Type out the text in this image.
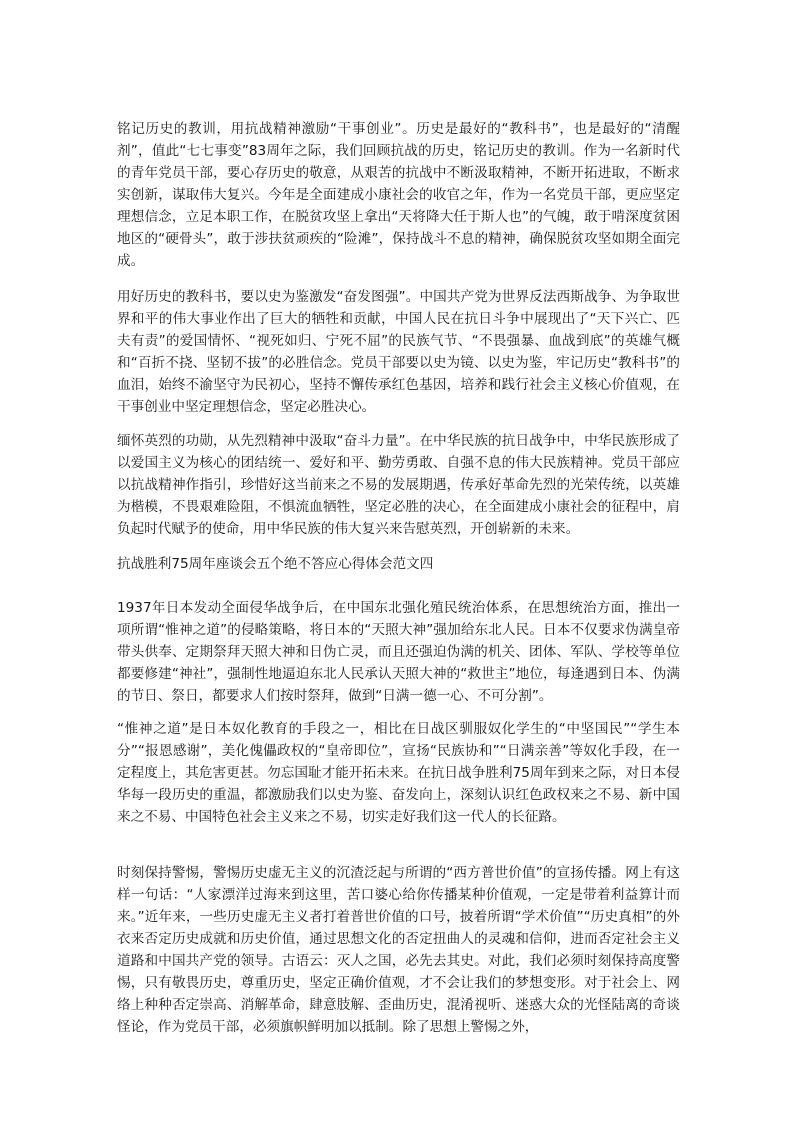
铭记历史的教训，用抗战精神激励“干事创业”。历史是最好的“教科书”，也是最好的“清醒剂”，值此“七七事变”83周年之际，我们回顾抗战的历史，铭记历史的教训。作为一名新时代的青年党员干部，要心存历史的敬意，从艰苦的抗战中不断汲取精神，不断开拓进取，不断求实创新，谋取伟大复兴。今年是全面建成小康社会的收官之年，作为一名党员干部，更应坚定理想信念，立足本职工作，在脱贫攻坚上拿出“天将降大任于斯人也”的气魄，敢于啃深度贫困地区的“硬骨头”，敢于涉扶贫顽疾的“险滩”，保持战斗不息的精神，确保脱贫攻坚如期全面完成。

用好历史的教科书，要以史为鉴激发“奋发图强”。中国共产党为世界反法西斯战争、为争取世界和平的伟大事业作出了巨大的牺牲和贡献，中国人民在抗日斗争中展现出了“天下兴亡、匹夫有责”的爱国情怀、“视死如归、宁死不屈”的民族气节、“不畏强暴、血战到底”的英雄气概和“百折不挠、坚韧不拔”的必胜信念。党员干部要以史为镜、以史为鉴，牢记历史“教科书”的血泪，始终不渝坚守为民初心，坚持不懈传承红色基因，培养和践行社会主义核心价值观，在干事创业中坚定理想信念，坚定必胜决心。

缅怀英烈的功勋，从先烈精神中汲取“奋斗力量”。在中华民族的抗日战争中，中华民族形成了以爱国主义为核心的团结统一、爱好和平、勤劳勇敢、自强不息的伟大民族精神。党员干部应以抗战精神作指引，珍惜好这当前来之不易的发展期遇，传承好革命先烈的光荣传统，以英雄为楷模，不畏艰难险阻，不惧流血牺牲，坚定必胜的决心，在全面建成小康社会的征程中，肩负起时代赋予的使命，用中华民族的伟大复兴来告慰英烈，开创崭新的未来。

抗战胜利75周年座谈会五个绝不答应心得体会范文四

1937年日本发动全面侵华战争后，在中国东北强化殖民统治体系，在思想统治方面，推出一项所谓“惟神之道”的侵略策略，将日本的“天照大神”强加给东北人民。日本不仅要求伪满皇帝带头供奉、定期祭拜天照大神和日伪亡灵，而且还强迫伪满的机关、团体、军队、学校等单位都要修建“神社”，强制性地逼迫东北人民承认天照大神的“救世主”地位，每逢遇到日本、伪满的节日、祭日，都要求人们按时祭拜，做到“日满一德一心、不可分割”。

“惟神之道”是日本奴化教育的手段之一，相比在日战区驯服奴化学生的“中坚国民”“学生本分”“报恩感谢”，美化傀儡政权的“皇帝即位”，宣扬“民族协和”“日满亲善”等奴化手段，在一定程度上，其危害更甚。勿忘国耻才能开拓未来。在抗日战争胜利75周年到来之际，对日本侵华每一段历史的重温，都激励我们以史为鉴、奋发向上，深刻认识红色政权来之不易、新中国来之不易、中国特色社会主义来之不易，切实走好我们这一代人的长征路。

时刻保持警惕，警惕历史虚无主义的沉渣泛起与所谓的“西方普世价值”的宣扬传播。网上有这样一句话：“人家漂洋过海来到这里，苦口婆心给你传播某种价值观，一定是带着利益算计而来。”近年来，一些历史虚无主义者打着普世价值的口号，披着所谓“学术价值”“历史真相”的外衣来否定历史成就和历史价值，通过思想文化的否定扭曲人的灵魂和信仰，进而否定社会主义道路和中国共产党的领导。古语云：灭人之国，必先去其史。对此，我们必须时刻保持高度警惕，只有敬畏历史，尊重历史，坚定正确价值观，才不会让我们的梦想变形。对于社会上、网络上种种否定崇高、消解革命，肆意肢解、歪曲历史，混淆视听、迷惑大众的光怪陆离的奇谈怪论，作为党员干部，必须旗帜鲜明加以抵制。除了思想上警惕之外，
